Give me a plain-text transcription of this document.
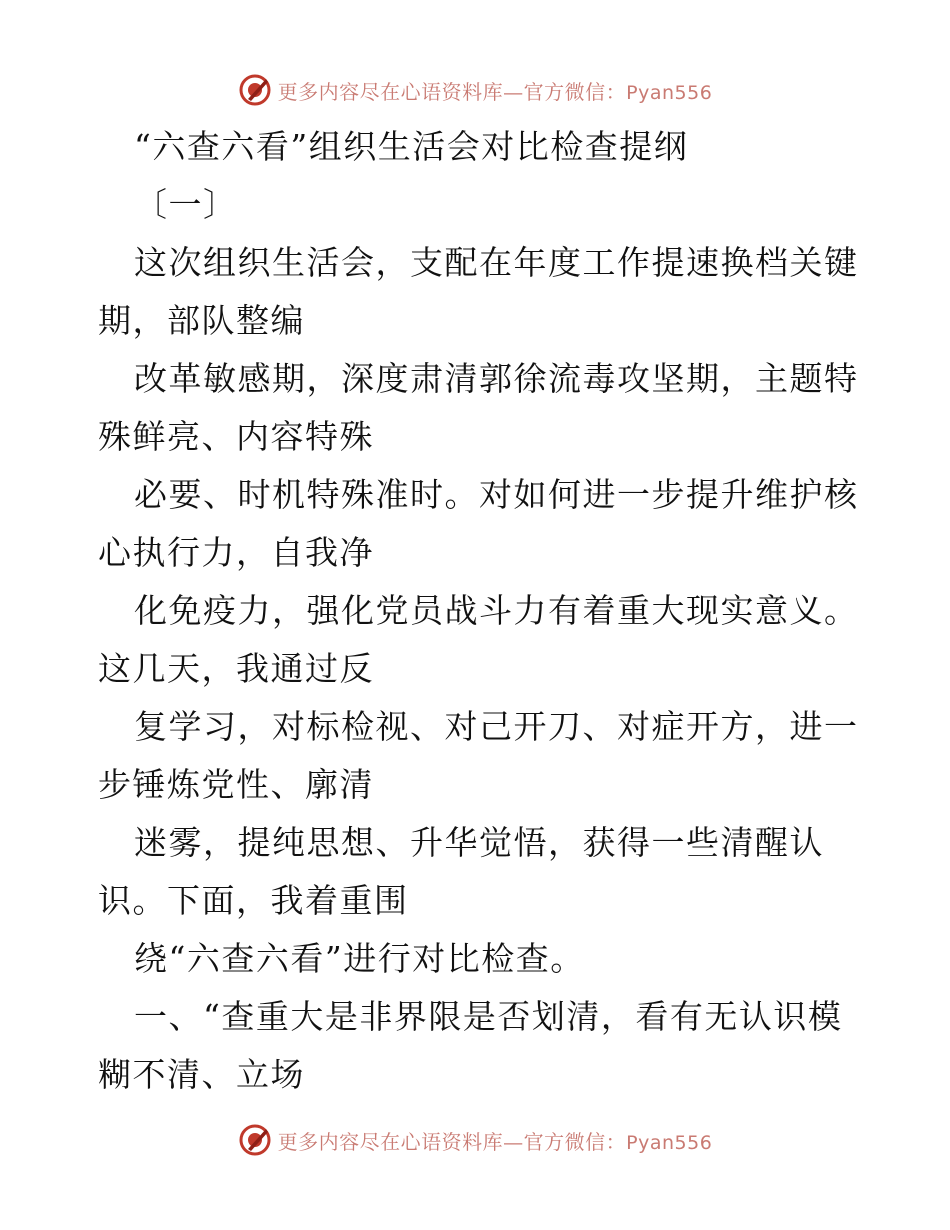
更多内容尽在心语资料库—官方微信：Pyan556
“六查六看”组织生活会对比检查提纲
〔一〕
这次组织生活会，支配在年度工作提速换档关键
期，部队整编
改革敏感期，深度肃清郭徐流毒攻坚期，主题特
殊鲜亮、内容特殊
必要、时机特殊准时。对如何进一步提升维护核
心执行力，自我净
化免疫力，强化党员战斗力有着重大现实意义。
这几天，我通过反
复学习，对标检视、对己开刀、对症开方，进一
步锤炼党性、廓清
迷雾，提纯思想、升华觉悟，获得一些清醒认
识。下面，我着重围
绕“六查六看”进行对比检查。
一、“查重大是非界限是否划清，看有无认识模
糊不清、立场
更多内容尽在心语资料库—官方微信：Pyan556
